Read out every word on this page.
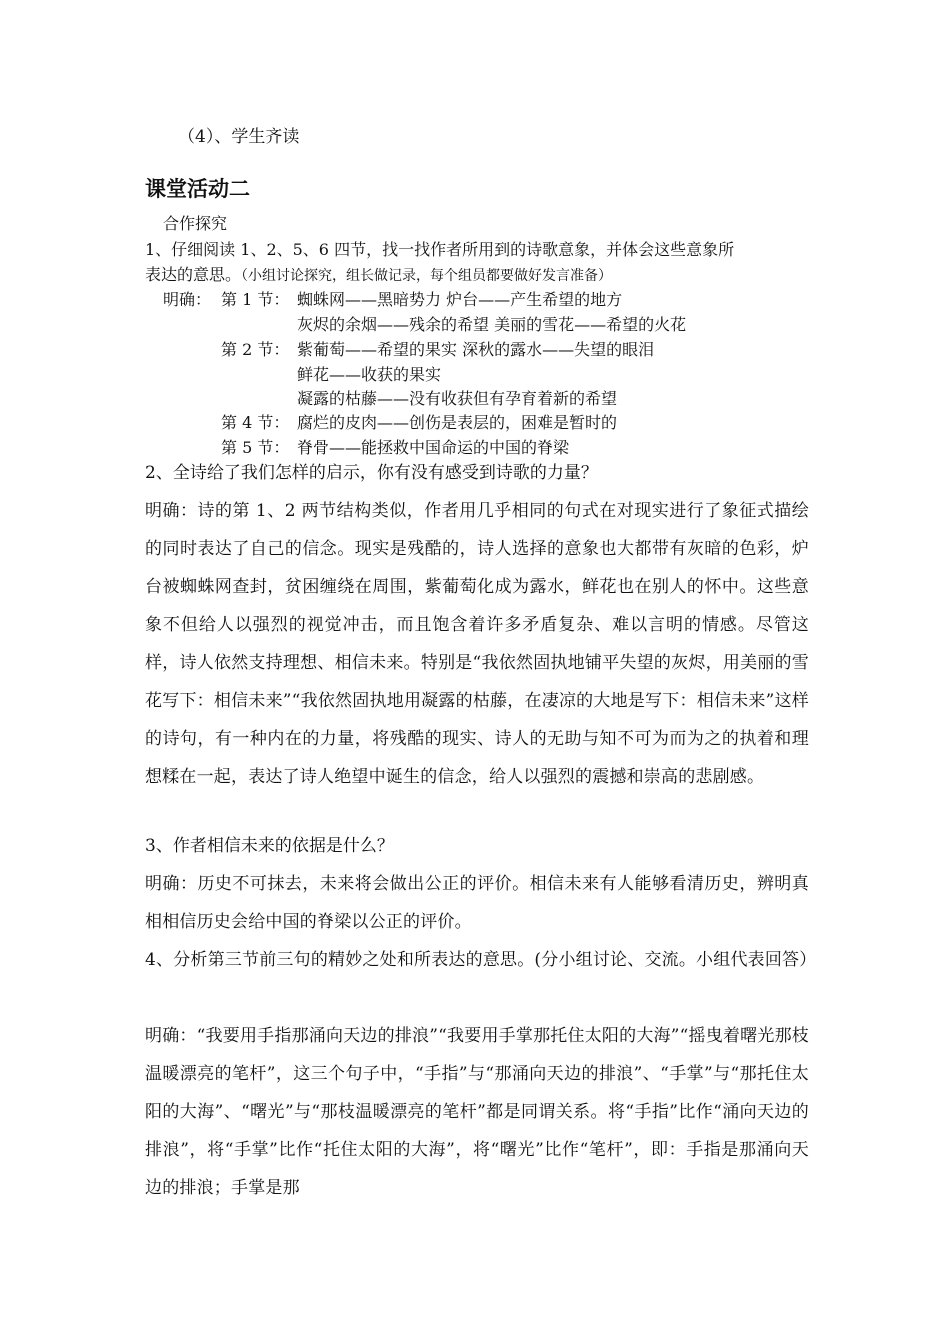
（4）、学生齐读
课堂活动二
合作探究
1、仔细阅读 1、2、5、6 四节，找一找作者所用到的诗歌意象，并体会这些意象所
表达的意思。（小组讨论探究，组长做记录，每个组员都要做好发言准备）
明确： 第 1 节： 蜘蛛网——黑暗势力 炉台——产生希望的地方
灰烬的余烟——残余的希望 美丽的雪花——希望的火花
第 2 节： 紫葡萄——希望的果实 深秋的露水——失望的眼泪
鲜花——收获的果实
凝露的枯藤——没有收获但有孕育着新的希望
第 4 节： 腐烂的皮肉——创伤是表层的，困难是暂时的
第 5 节： 脊骨——能拯救中国命运的中国的脊梁
2、全诗给了我们怎样的启示，你有没有感受到诗歌的力量？
明确：诗的第 1、2 两节结构类似，作者用几乎相同的句式在对现实进行了象征式描绘的同时表达了自己的信念。现实是残酷的，诗人选择的意象也大都带有灰暗的色彩，炉台被蜘蛛网查封，贫困缠绕在周围，紫葡萄化成为露水，鲜花也在别人的怀中。这些意象不但给人以强烈的视觉冲击，而且饱含着许多矛盾复杂、难以言明的情感。尽管这样，诗人依然支持理想、相信未来。特别是“我依然固执地铺平失望的灰烬，用美丽的雪花写下：相信未来”“我依然固执地用凝露的枯藤，在凄凉的大地是写下：相信未来”这样的诗句，有一种内在的力量，将残酷的现实、诗人的无助与知不可为而为之的执着和理想糅在一起，表达了诗人绝望中诞生的信念，给人以强烈的震撼和崇高的悲剧感。
3、作者相信未来的依据是什么？
明确：历史不可抹去，未来将会做出公正的评价。相信未来有人能够看清历史，辨明真相相信历史会给中国的脊梁以公正的评价。
4、分析第三节前三句的精妙之处和所表达的意思。(分小组讨论、交流。小组代表回答）
明确：“我要用手指那涌向天边的排浪”“我要用手掌那托住太阳的大海”“摇曳着曙光那枝温暖漂亮的笔杆”，这三个句子中，“手指”与“那涌向天边的排浪”、“手掌”与“那托住太阳的大海”、“曙光”与“那枝温暖漂亮的笔杆”都是同谓关系。将“手指”比作“涌向天边的排浪”，将“手掌”比作“托住太阳的大海”，将“曙光”比作“笔杆”，即：手指是那涌向天边的排浪；手掌是那
